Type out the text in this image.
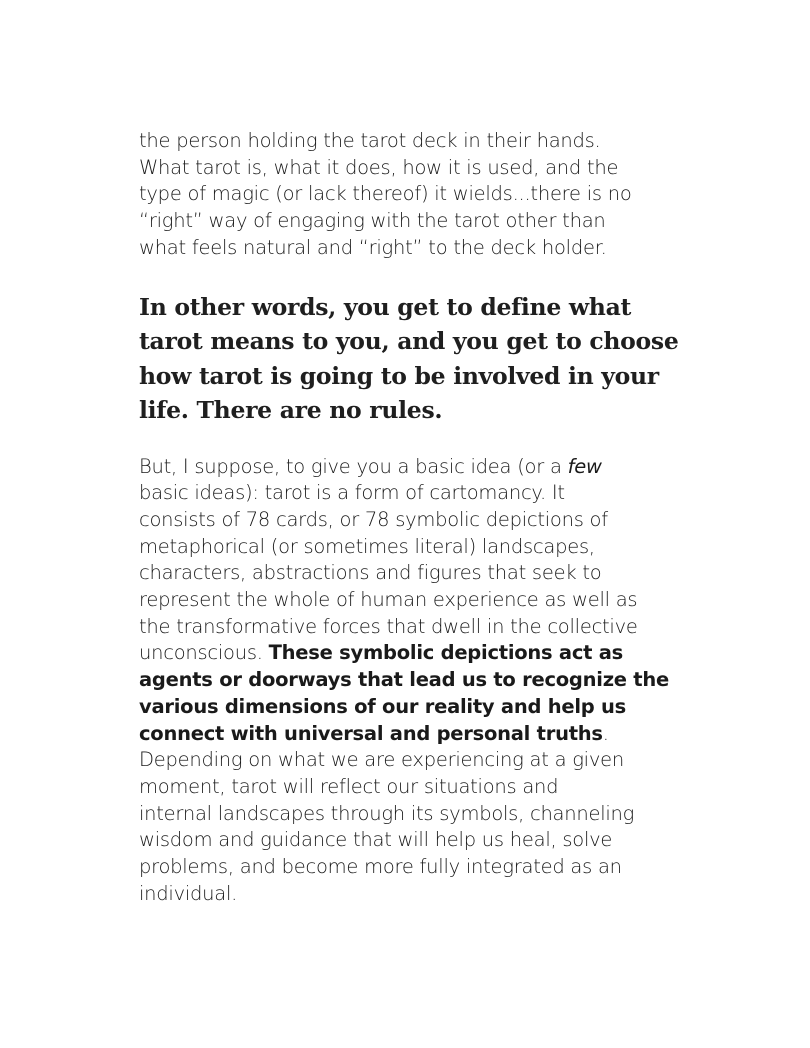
the person holding the tarot deck in their hands.
What tarot is, what it does, how it is used, and the
type of magic (or lack thereof) it wields...there is no
“right” way of engaging with the tarot other than
what feels natural and “right” to the deck holder.

In other words, you get to define what
tarot means to you, and you get to choose
how tarot is going to be involved in your
life. There are no rules.

But, I suppose, to give you a basic idea (or a few
basic ideas): tarot is a form of cartomancy. It
consists of 78 cards, or 78 symbolic depictions of
metaphorical (or sometimes literal) landscapes,
characters, abstractions and figures that seek to
represent the whole of human experience as well as
the transformative forces that dwell in the collective
unconscious. These symbolic depictions act as
agents or doorways that lead us to recognize the
various dimensions of our reality and help us
connect with universal and personal truths.
Depending on what we are experiencing at a given
moment, tarot will reflect our situations and
internal landscapes through its symbols, channeling
wisdom and guidance that will help us heal, solve
problems, and become more fully integrated as an
individual.
